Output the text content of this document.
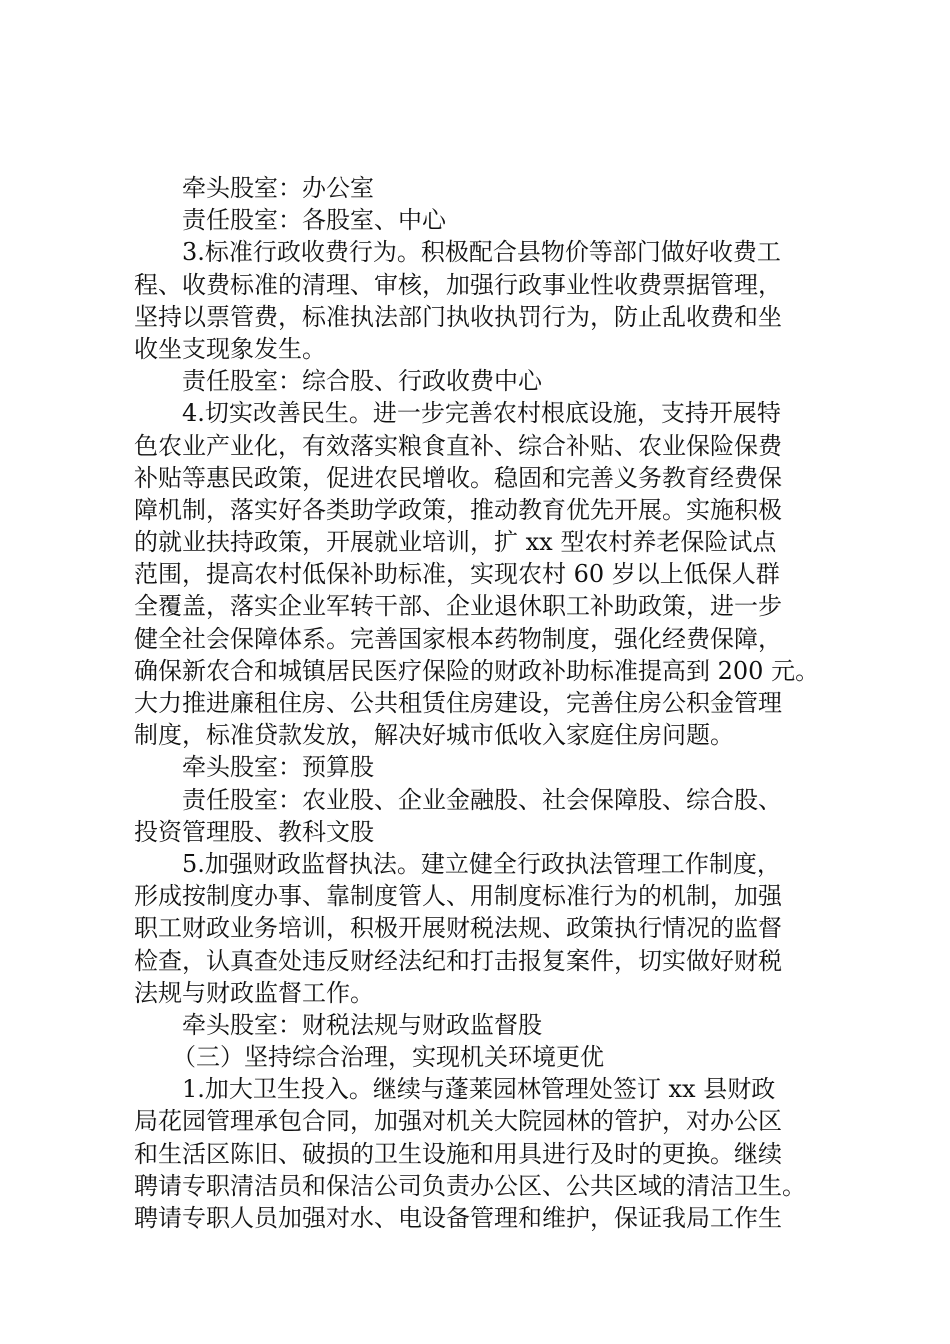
牵头股室：办公室
责任股室：各股室、中心
3.标准行政收费行为。积极配合县物价等部门做好收费工
程、收费标准的清理、审核，加强行政事业性收费票据管理，
坚持以票管费，标准执法部门执收执罚行为，防止乱收费和坐
收坐支现象发生。
责任股室：综合股、行政收费中心
4.切实改善民生。进一步完善农村根底设施，支持开展特
色农业产业化，有效落实粮食直补、综合补贴、农业保险保费
补贴等惠民政策，促进农民增收。稳固和完善义务教育经费保
障机制，落实好各类助学政策，推动教育优先开展。实施积极
的就业扶持政策，开展就业培训，扩 xx 型农村养老保险试点
范围，提高农村低保补助标准，实现农村 60 岁以上低保人群
全覆盖，落实企业军转干部、企业退休职工补助政策，进一步
健全社会保障体系。完善国家根本药物制度，强化经费保障，
确保新农合和城镇居民医疗保险的财政补助标准提高到 200 元。
大力推进廉租住房、公共租赁住房建设，完善住房公积金管理
制度，标准贷款发放，解决好城市低收入家庭住房问题。
牵头股室：预算股
责任股室：农业股、企业金融股、社会保障股、综合股、
投资管理股、教科文股
5.加强财政监督执法。建立健全行政执法管理工作制度，
形成按制度办事、靠制度管人、用制度标准行为的机制，加强
职工财政业务培训，积极开展财税法规、政策执行情况的监督
检查，认真查处违反财经法纪和打击报复案件，切实做好财税
法规与财政监督工作。
牵头股室：财税法规与财政监督股
（三）坚持综合治理，实现机关环境更优
1.加大卫生投入。继续与蓬莱园林管理处签订 xx 县财政
局花园管理承包合同，加强对机关大院园林的管护，对办公区
和生活区陈旧、破损的卫生设施和用具进行及时的更换。继续
聘请专职清洁员和保洁公司负责办公区、公共区域的清洁卫生。
聘请专职人员加强对水、电设备管理和维护，保证我局工作生
